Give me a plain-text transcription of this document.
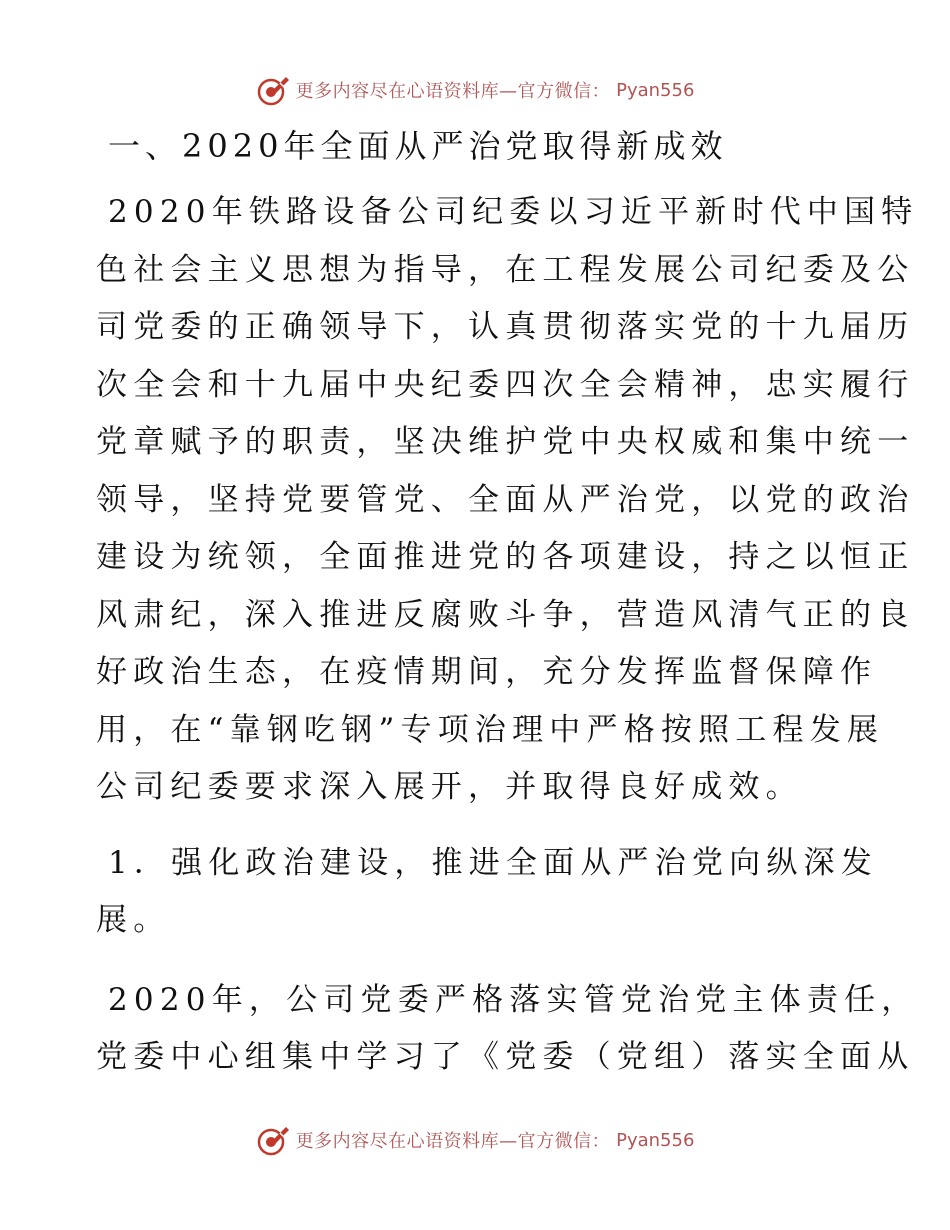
更多内容尽在心语资料库—官方微信： Pyan556
一、2020年全面从严治党取得新成效
2020年铁路设备公司纪委以习近平新时代中国特
色社会主义思想为指导，在工程发展公司纪委及公
司党委的正确领导下，认真贯彻落实党的十九届历
次全会和十九届中央纪委四次全会精神，忠实履行
党章赋予的职责，坚决维护党中央权威和集中统一
领导，坚持党要管党、全面从严治党，以党的政治
建设为统领，全面推进党的各项建设，持之以恒正
风肃纪，深入推进反腐败斗争，营造风清气正的良
好政治生态，在疫情期间，充分发挥监督保障作
用，在“靠钢吃钢”专项治理中严格按照工程发展
公司纪委要求深入展开，并取得良好成效。
1．强化政治建设，推进全面从严治党向纵深发
展。
2020年，公司党委严格落实管党治党主体责任，
党委中心组集中学习了《党委（党组）落实全面从
更多内容尽在心语资料库—官方微信： Pyan556
